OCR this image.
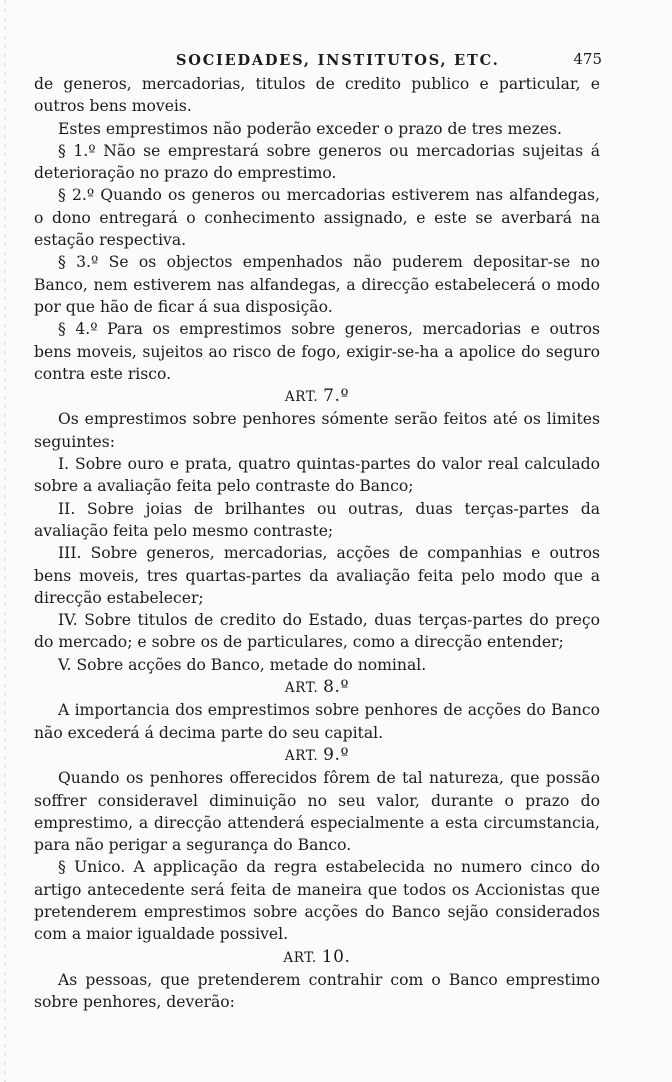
SOCIEDADES, INSTITUTOS, ETC.	475

de generos, mercadorias, titulos de credito publico e particular, e outros bens moveis.

Estes emprestimos não poderão exceder o prazo de tres mezes.

§ 1.º Não se emprestará sobre generos ou mercadorias sujeitas á deterioração no prazo do emprestimo.

§ 2.º Quando os generos ou mercadorias estiverem nas alfandegas, o dono entregará o conhecimento assignado, e este se averbará na estação respectiva.

§ 3.º Se os objectos empenhados não puderem depositar-se no Banco, nem estiverem nas alfandegas, a direcção estabelecerá o modo por que hão de ficar á sua disposição.

§ 4.º Para os emprestimos sobre generos, mercadorias e outros bens moveis, sujeitos ao risco de fogo, exigir-se-ha a apolice do seguro contra este risco.

ART. 7.º

Os emprestimos sobre penhores sómente serão feitos até os limites seguintes:

I. Sobre ouro e prata, quatro quintas-partes do valor real calculado sobre a avaliação feita pelo contraste do Banco;

II. Sobre joias de brilhantes ou outras, duas terças-partes da avaliação feita pelo mesmo contraste;

III. Sobre generos, mercadorias, acções de companhias e outros bens moveis, tres quartas-partes da avaliação feita pelo modo que a direcção estabelecer;

IV. Sobre titulos de credito do Estado, duas terças-partes do preço do mercado; e sobre os de particulares, como a direcção entender;

V. Sobre acções do Banco, metade do nominal.

ART. 8.º

A importancia dos emprestimos sobre penhores de acções do Banco não excederá á decima parte do seu capital.

ART. 9.º

Quando os penhores offerecidos fôrem de tal natureza, que possão soffrer consideravel diminuição no seu valor, durante o prazo do emprestimo, a direcção attenderá especialmente a esta circumstancia, para não perigar a segurança do Banco.

§ Unico. A applicação da regra estabelecida no numero cinco do artigo antecedente será feita de maneira que todos os Accionistas que pretenderem emprestimos sobre acções do Banco sejão considerados com a maior igualdade possivel.

ART. 10.

As pessoas, que pretenderem contrahir com o Banco emprestimo sobre penhores, deverão:
